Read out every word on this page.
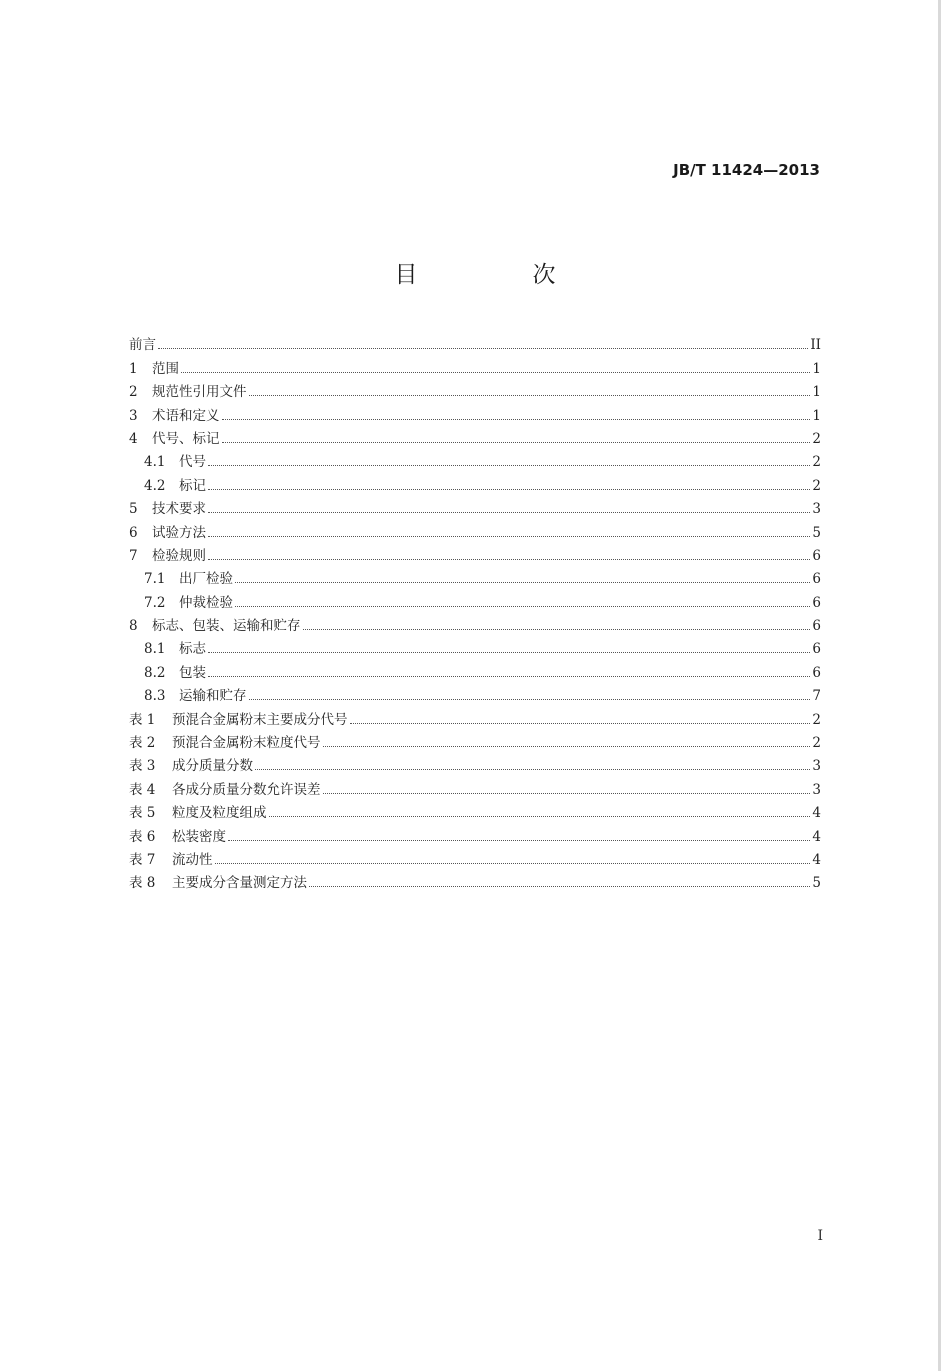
JB/T 11424—2013
目　次
前言	II
1	范围	1
2	规范性引用文件	1
3	术语和定义	1
4	代号、标记	2
4.1	代号	2
4.2	标记	2
5	技术要求	3
6	试验方法	5
7	检验规则	6
7.1	出厂检验	6
7.2	仲裁检验	6
8	标志、包装、运输和贮存	6
8.1	标志	6
8.2	包装	6
8.3	运输和贮存	7
表 1	预混合金属粉末主要成分代号	2
表 2	预混合金属粉末粒度代号	2
表 3	成分质量分数	3
表 4	各成分质量分数允许误差	3
表 5	粒度及粒度组成	4
表 6	松装密度	4
表 7	流动性	4
表 8	主要成分含量测定方法	5
I
